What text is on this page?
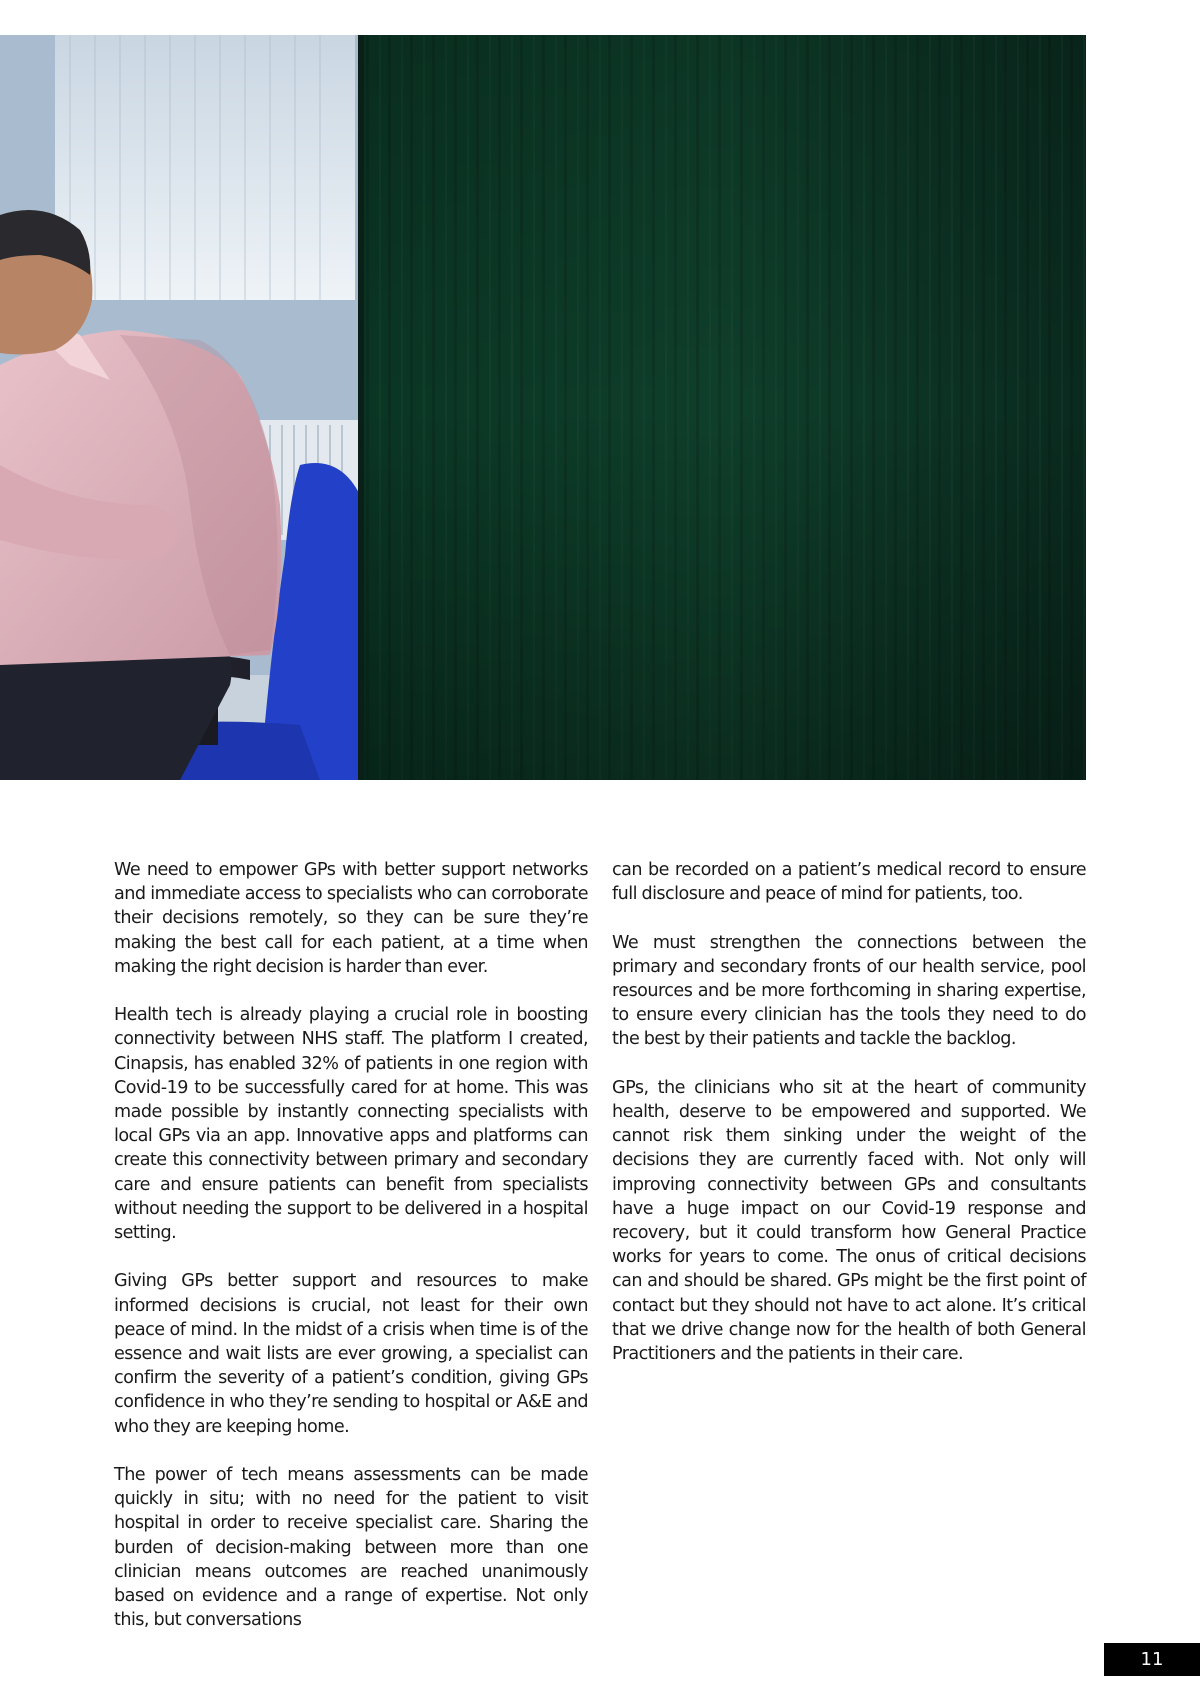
We need to empower GPs with better support networks and immediate access to specialists who can corroborate their decisions remotely, so they can be sure they’re making the best call for each patient, at a time when making the right decision is harder than ever.

Health tech is already playing a crucial role in boosting connectivity between NHS staff. The platform I created, Cinapsis, has enabled 32% of patients in one region with Covid-19 to be successfully cared for at home. This was made possible by instantly connecting specialists with local GPs via an app. Innovative apps and platforms can create this connectivity between primary and secondary care and ensure patients can benefit from specialists without needing the support to be delivered in a hospital setting.

Giving GPs better support and resources to make informed decisions is crucial, not least for their own peace of mind. In the midst of a crisis when time is of the essence and wait lists are ever growing, a specialist can confirm the severity of a patient’s condition, giving GPs confidence in who they’re sending to hospital or A&E and who they are keeping home.

The power of tech means assessments can be made quickly in situ; with no need for the patient to visit hospital in order to receive specialist care. Sharing the burden of decision-making between more than one clinician means outcomes are reached unanimously based on evidence and a range of expertise. Not only this, but conversations

can be recorded on a patient’s medical record to ensure full disclosure and peace of mind for patients, too.

We must strengthen the connections between the primary and secondary fronts of our health service, pool resources and be more forthcoming in sharing expertise, to ensure every clinician has the tools they need to do the best by their patients and tackle the backlog.

GPs, the clinicians who sit at the heart of community health, deserve to be empowered and supported. We cannot risk them sinking under the weight of the decisions they are currently faced with. Not only will improving connectivity between GPs and consultants have a huge impact on our Covid-19 response and recovery, but it could transform how General Practice works for years to come. The onus of critical decisions can and should be shared. GPs might be the first point of contact but they should not have to act alone. It’s critical that we drive change now for the health of both General Practitioners and the patients in their care.

11
